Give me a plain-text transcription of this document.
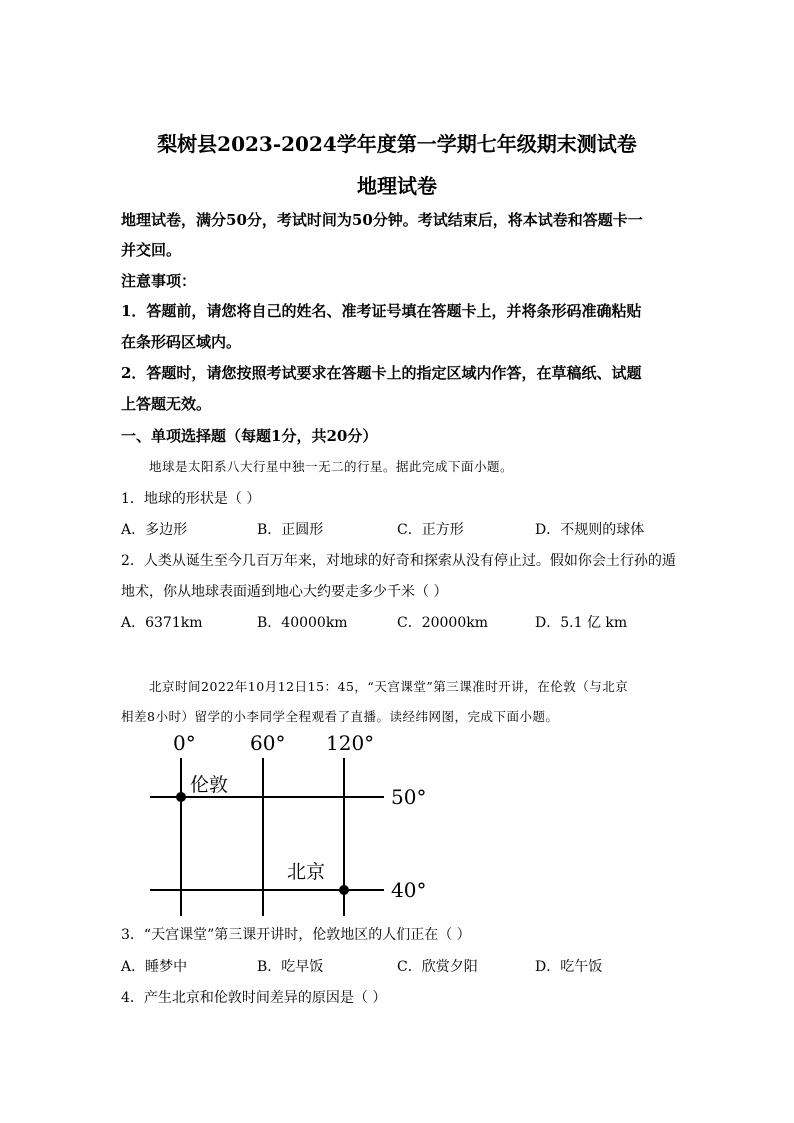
梨树县2023-2024学年度第一学期七年级期末测试卷
地理试卷
地理试卷，满分50分，考试时间为50分钟。考试结束后，将本试卷和答题卡一
并交回。
注意事项：
1．答题前，请您将自己的姓名、准考证号填在答题卡上，并将条形码准确粘贴
在条形码区域内。
2．答题时，请您按照考试要求在答题卡上的指定区域内作答，在草稿纸、试题
上答题无效。
一、单项选择题（每题1分，共20分）
地球是太阳系八大行星中独一无二的行星。据此完成下面小题。
1．地球的形状是（ ）
A．多边形	B．正圆形	C．正方形	D．不规则的球体
2．人类从诞生至今几百万年来，对地球的好奇和探索从没有停止过。假如你会土行孙的遁
地术，你从地球表面遁到地心大约要走多少千米（ ）
A．6371km	B．40000km	C．20000km	D．5.1 亿 km
北京时间2022年10月12日15：45，“天宫课堂”第三课准时开讲，在伦敦（与北京
相差8小时）留学的小李同学全程观看了直播。读经纬网图，完成下面小题。
0°	60° 120°
50°
40°
伦敦
北京
3．“天宫课堂”第三课开讲时，伦敦地区的人们正在（ ）
A．睡梦中	B．吃早饭	C．欣赏夕阳	D．吃午饭
4．产生北京和伦敦时间差异的原因是（ ）
